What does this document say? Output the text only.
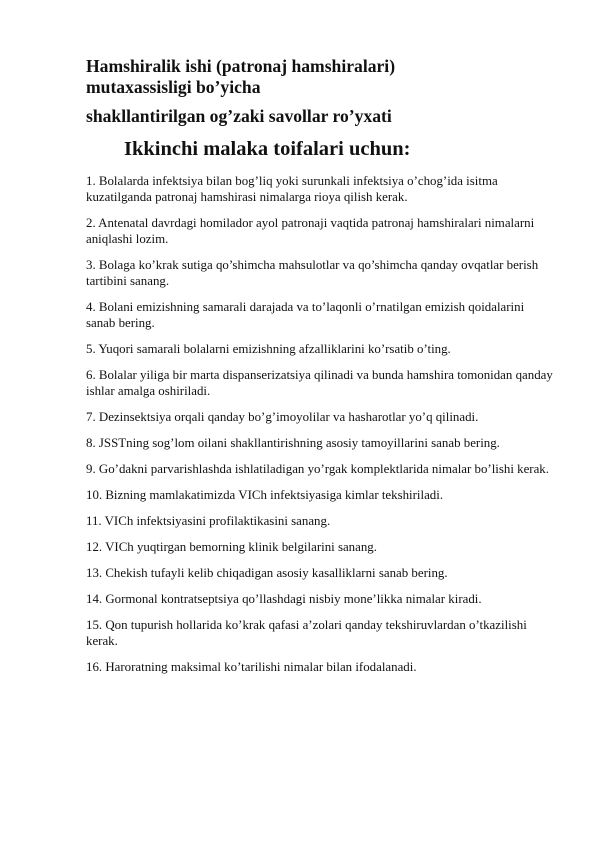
Hamshiralik ishi (patronaj hamshiralari)
mutaxassisligi bo’yicha
shakllantirilgan og’zaki savollar ro’yxati
Ikkinchi malaka toifalari uchun:
1. Bolalarda infektsiya bilan bog’liq yoki surunkali infektsiya o’chog’ida isitma kuzatilganda patronaj hamshirasi nimalarga rioya qilish kerak.
2. Antenatal davrdagi homilador ayol patronaji vaqtida patronaj hamshiralari nimalarni aniqlashi lozim.
3. Bolaga ko’krak sutiga qo’shimcha mahsulotlar va qo’shimcha qanday ovqatlar berish tartibini sanang.
4. Bolani emizishning samarali darajada va to’laqonli o’rnatilgan emizish qoidalarini sanab bering.
5. Yuqori samarali bolalarni emizishning afzalliklarini ko’rsatib o’ting.
6. Bolalar yiliga bir marta dispanserizatsiya qilinadi va bunda hamshira tomonidan qanday ishlar amalga oshiriladi.
7. Dezinsektsiya orqali qanday bo’g’imoyolilar va hasharotlar yo’q qilinadi.
8. JSSTning sog’lom oilani shakllantirishning asosiy tamoyillarini sanab bering.
9. Go’dakni parvarishlashda ishlatiladigan yo’rgak komplektlarida nimalar bo’lishi kerak.
10. Bizning mamlakatimizda VICh infektsiyasiga kimlar tekshiriladi.
11. VICh infektsiyasini profilaktikasini sanang.
12. VICh yuqtirgan bemorning klinik belgilarini sanang.
13. Chekish tufayli kelib chiqadigan asosiy kasalliklarni sanab bering.
14. Gormonal kontratseptsiya qo’llashdagi nisbiy mone’likka nimalar kiradi.
15. Qon tupurish hollarida ko’krak qafasi a’zolari qanday tekshiruvlardan o’tkazilishi kerak.
16. Haroratning maksimal ko’tarilishi nimalar bilan ifodalanadi.
